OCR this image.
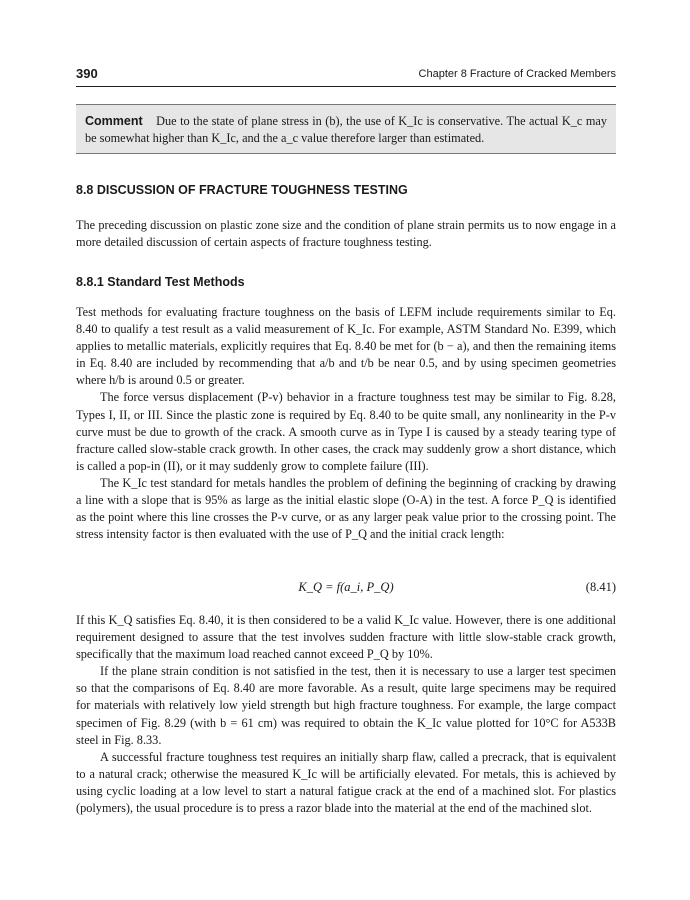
390	Chapter 8 Fracture of Cracked Members
Comment Due to the state of plane stress in (b), the use of K_Ic is conservative. The actual K_c may be somewhat higher than K_Ic, and the a_c value therefore larger than estimated.
8.8 DISCUSSION OF FRACTURE TOUGHNESS TESTING

The preceding discussion on plastic zone size and the condition of plane strain permits us to now engage in a more detailed discussion of certain aspects of fracture toughness testing.

8.8.1 Standard Test Methods

Test methods for evaluating fracture toughness on the basis of LEFM include requirements similar to Eq. 8.40 to qualify a test result as a valid measurement of K_Ic. For example, ASTM Standard No. E399, which applies to metallic materials, explicitly requires that Eq. 8.40 be met for (b − a), and then the remaining items in Eq. 8.40 are included by recommending that a/b and t/b be near 0.5, and by using specimen geometries where h/b is around 0.5 or greater.

The force versus displacement (P-v) behavior in a fracture toughness test may be similar to Fig. 8.28, Types I, II, or III. Since the plastic zone is required by Eq. 8.40 to be quite small, any nonlinearity in the P-v curve must be due to growth of the crack. A smooth curve as in Type I is caused by a steady tearing type of fracture called slow-stable crack growth. In other cases, the crack may suddenly grow a short distance, which is called a pop-in (II), or it may suddenly grow to complete failure (III).

The K_Ic test standard for metals handles the problem of defining the beginning of cracking by drawing a line with a slope that is 95% as large as the initial elastic slope (O-A) in the test. A force P_Q is identified as the point where this line crosses the P-v curve, or as any larger peak value prior to the crossing point. The stress intensity factor is then evaluated with the use of P_Q and the initial crack length:

K_Q = f(a_i, P_Q)	(8.41)

If this K_Q satisfies Eq. 8.40, it is then considered to be a valid K_Ic value. However, there is one additional requirement designed to assure that the test involves sudden fracture with little slow-stable crack growth, specifically that the maximum load reached cannot exceed P_Q by 10%.

If the plane strain condition is not satisfied in the test, then it is necessary to use a larger test specimen so that the comparisons of Eq. 8.40 are more favorable. As a result, quite large specimens may be required for materials with relatively low yield strength but high fracture toughness. For example, the large compact specimen of Fig. 8.29 (with b = 61 cm) was required to obtain the K_Ic value plotted for 10°C for A533B steel in Fig. 8.33.

A successful fracture toughness test requires an initially sharp flaw, called a precrack, that is equivalent to a natural crack; otherwise the measured K_Ic will be artificially elevated. For metals, this is achieved by using cyclic loading at a low level to start a natural fatigue crack at the end of a machined slot. For plastics (polymers), the usual procedure is to press a razor blade into the material at the end of the machined slot.
